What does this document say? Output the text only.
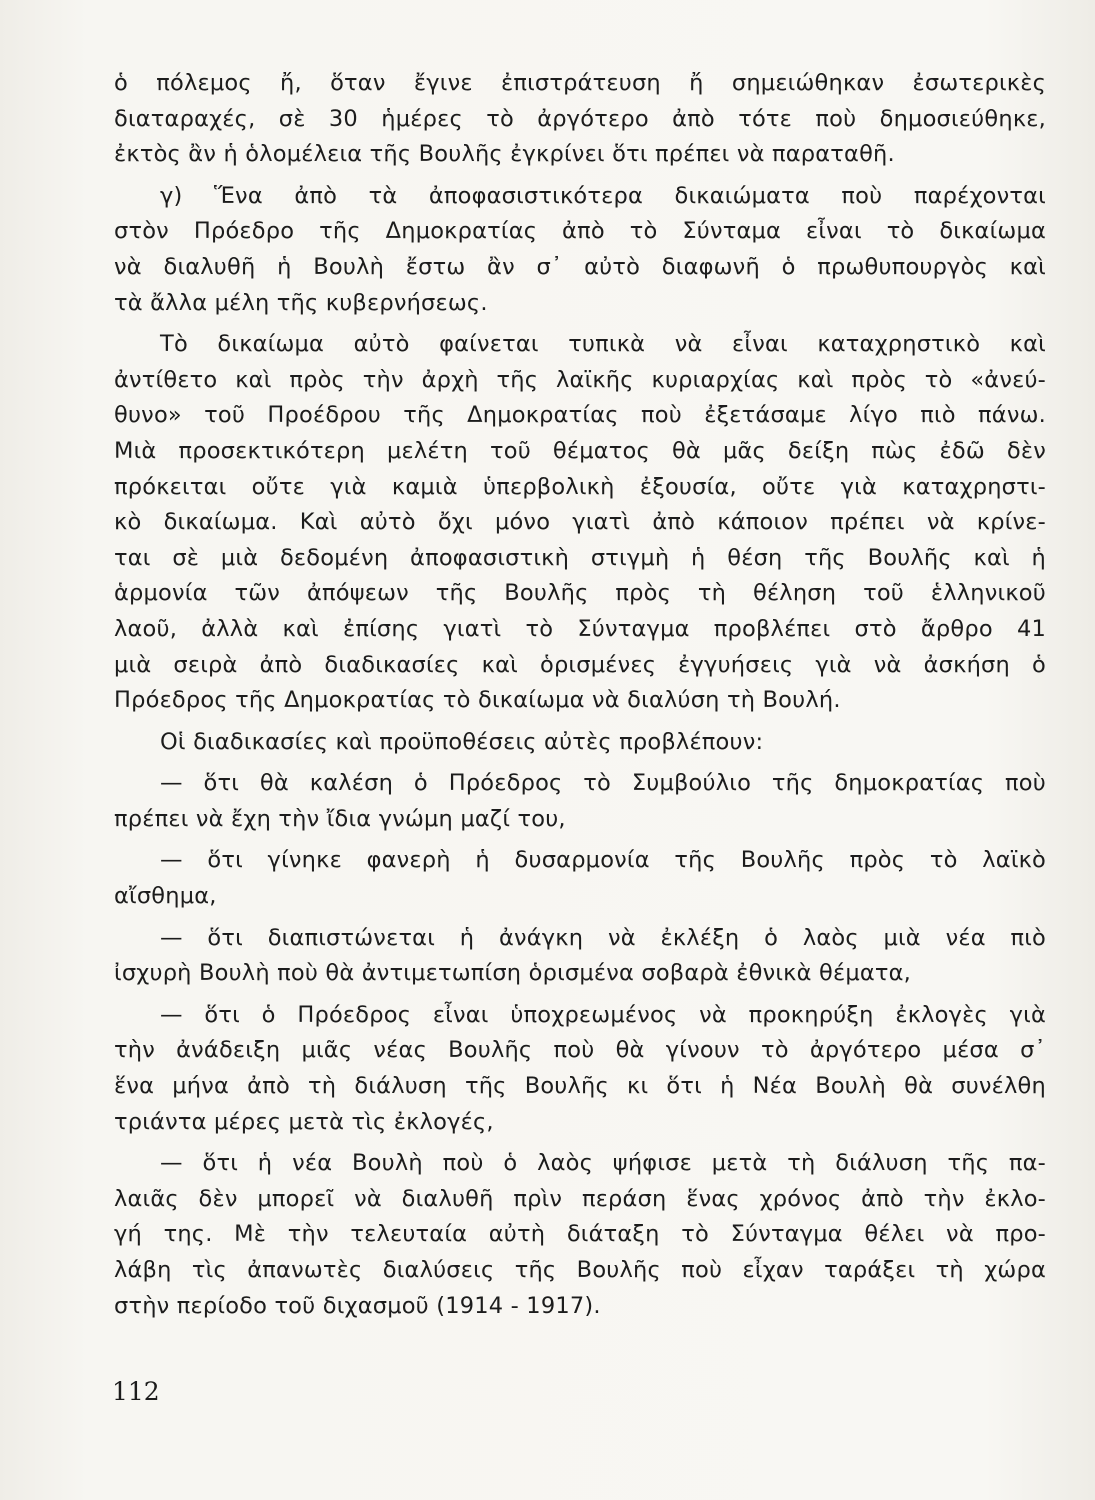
ὁ πόλεμος ἤ, ὅταν ἔγινε ἐπιστράτευση ἤ σημειώθηκαν ἐσωτερικὲς
διαταραχές, σὲ 30 ἡμέρες τὸ ἀργότερο ἀπὸ τότε ποὺ δημοσιεύθηκε,
ἐκτὸς ἂν ἡ ὁλομέλεια τῆς Βουλῆς ἐγκρίνει ὅτι πρέπει νὰ παραταθῆ.
γ) Ἕνα ἀπὸ τὰ ἀποφασιστικότερα δικαιώματα ποὺ παρέχονται
στὸν Πρόεδρο τῆς Δημοκρατίας ἀπὸ τὸ Σύνταμα εἶναι τὸ δικαίωμα
νὰ διαλυθῆ ἡ Βουλὴ ἔστω ἂν σ᾽ αὐτὸ διαφωνῆ ὁ πρωθυπουργὸς καὶ
τὰ ἄλλα μέλη τῆς κυβερνήσεως.
Τὸ δικαίωμα αὐτὸ φαίνεται τυπικὰ νὰ εἶναι καταχρηστικὸ καὶ
ἀντίθετο καὶ πρὸς τὴν ἀρχὴ τῆς λαϊκῆς κυριαρχίας καὶ πρὸς τὸ «ἀνεύ-
θυνο» τοῦ Προέδρου τῆς Δημοκρατίας ποὺ ἐξετάσαμε λίγο πιὸ πάνω.
Μιὰ προσεκτικότερη μελέτη τοῦ θέματος θὰ μᾶς δείξη πὼς ἐδῶ δὲν
πρόκειται οὔτε γιὰ καμιὰ ὑπερβολικὴ ἐξουσία, οὔτε γιὰ καταχρηστι-
κὸ δικαίωμα. Καὶ αὐτὸ ὄχι μόνο γιατὶ ἀπὸ κάποιον πρέπει νὰ κρίνε-
ται σὲ μιὰ δεδομένη ἀποφασιστικὴ στιγμὴ ἡ θέση τῆς Βουλῆς καὶ ἡ
ἁρμονία τῶν ἀπόψεων τῆς Βουλῆς πρὸς τὴ θέληση τοῦ ἑλληνικοῦ
λαοῦ, ἀλλὰ καὶ ἐπίσης γιατὶ τὸ Σύνταγμα προβλέπει στὸ ἄρθρο 41
μιὰ σειρὰ ἀπὸ διαδικασίες καὶ ὁρισμένες ἐγγυήσεις γιὰ νὰ ἀσκήση ὁ
Πρόεδρος τῆς Δημοκρατίας τὸ δικαίωμα νὰ διαλύση τὴ Βουλή.
Οἱ διαδικασίες καὶ προϋποθέσεις αὐτὲς προβλέπουν:
— ὅτι θὰ καλέση ὁ Πρόεδρος τὸ Συμβούλιο τῆς δημοκρατίας ποὺ
πρέπει νὰ ἔχη τὴν ἴδια γνώμη μαζί του,
— ὅτι γίνηκε φανερὴ ἡ δυσαρμονία τῆς Βουλῆς πρὸς τὸ λαϊκὸ
αἴσθημα,
— ὅτι διαπιστώνεται ἡ ἀνάγκη νὰ ἐκλέξη ὁ λαὸς μιὰ νέα πιὸ
ἰσχυρὴ Βουλὴ ποὺ θὰ ἀντιμετωπίση ὁρισμένα σοβαρὰ ἐθνικὰ θέματα,
— ὅτι ὁ Πρόεδρος εἶναι ὑποχρεωμένος νὰ προκηρύξη ἐκλογὲς γιὰ
τὴν ἀνάδειξη μιᾶς νέας Βουλῆς ποὺ θὰ γίνουν τὸ ἀργότερο μέσα σ᾽
ἕνα μήνα ἀπὸ τὴ διάλυση τῆς Βουλῆς κι ὅτι ἡ Νέα Βουλὴ θὰ συνέλθη
τριάντα μέρες μετὰ τὶς ἐκλογές,
— ὅτι ἡ νέα Βουλὴ ποὺ ὁ λαὸς ψήφισε μετὰ τὴ διάλυση τῆς πα-
λαιᾶς δὲν μπορεῖ νὰ διαλυθῆ πρὶν περάση ἕνας χρόνος ἀπὸ τὴν ἐκλο-
γή της. Μὲ τὴν τελευταία αὐτὴ διάταξη τὸ Σύνταγμα θέλει νὰ προ-
λάβη τὶς ἀπανωτὲς διαλύσεις τῆς Βουλῆς ποὺ εἶχαν ταράξει τὴ χώρα
στὴν περίοδο τοῦ διχασμοῦ (1914 - 1917).
112
